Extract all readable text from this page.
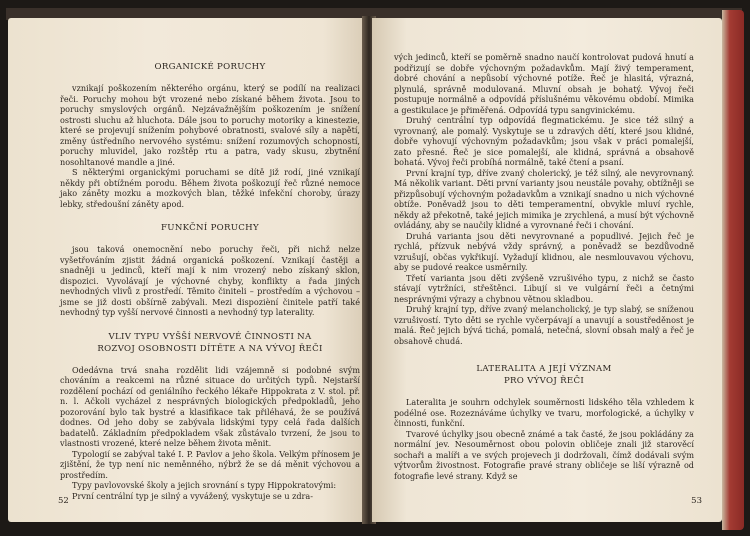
ORGANICKÉ PORUCHY

vznikají poškozením některého orgánu, který se podílí na realizaci řeči. Poruchy mohou být vrozené nebo získané během života. Jsou to poruchy smyslových orgánů. Nejzávažnějším poškozením je snížení ostrosti sluchu až hluchota. Dále jsou to poruchy motoriky a kinestezie, které se projevují snížením pohybové obratnosti, svalové síly a napětí, změny ústředního nervového systému: snížení rozumových schopností, poruchy mluvidel, jako rozštěp rtu a patra, vady skusu, zbytnění nosohltanové mandle a jiné.

S některými organickými poruchami se dítě již rodí, jiné vznikají někdy při obtížném porodu. Během života poškozují řeč různé nemoce jako záněty mozku a mozkových blan, těžké infekční choroby, úrazy lebky, středoušní záněty apod.

FUNKČNÍ PORUCHY

jsou taková onemocnění nebo poruchy řeči, při nichž nelze vyšetřováním zjistit žádná organická poškození. Vznikají častěji a snadněji u jedinců, kteří mají k nim vrozený nebo získaný sklon, dispozici. Vyvolávají je výchovné chyby, konflikty a řada jiných nevhodných vlivů z prostředí. Těmito činiteli – prostředím a výchovou – jsme se již dosti obšírně zabývali. Mezi dispozièní činitele patří také nevhodný typ vyšší nervové činnosti a nevhodný typ laterality.

VLIV TYPU VYŠŠÍ NERVOVÉ ČINNOSTI NA
ROZVOJ OSOBNOSTI DÍTĚTE A NA VÝVOJ ŘEČI

Odedávna trvá snaha rozdělit lidi vzájemně si podobné svým chováním a reakcemi na různé situace do určitých typů. Nejstarší rozdělení pochází od geniálního řeckého lékaře Hippokrata z V. stol. př. n. l. Ačkoli vycházel z nesprávných biologických předpokladů, jeho pozorování bylo tak bystré a klasifikace tak přiléhavá, že se používá dodnes. Od jeho doby se zabývala lidskými typy celá řada dalších badatelů. Základním předpokladem však zůstávalo tvrzení, že jsou to vlastnosti vrozené, které nelze během života měnit.

Typologií se zabýval také I. P. Pavlov a jeho škola. Velkým přínosem je zjištění, že typ není nic neměnného, nýbrž že se dá měnit výchovou a prostředím.

Typy pavlovovské školy a jejich srovnání s typy Hippokratovými:

První centrální typ je silný a vyvážený, vyskytuje se u zdra-

52

vých jedinců, kteří se poměrně snadno naučí kontrolovat pudová hnutí a podřizují se dobře výchovným požadavkům. Mají živý temperament, dobré chování a nepůsobí výchovné potíže. Řeč je hlasitá, výrazná, plynulá, správně modulovaná. Mluvní obsah je bohatý. Vývoj řeči postupuje normálně a odpovídá příslušnému věkovému období. Mimika a gestikulace je přiměřená. Odpovídá typu sangvinickému.

Druhý centrální typ odpovídá flegmatickému. Je sice též silný a vyrovnaný, ale pomalý. Vyskytuje se u zdravých dětí, které jsou klidné, dobře vyhovují výchovným požadavkům; jsou však v práci pomalejší, zato přesné. Řeč je sice pomalejší, ale klidná, správná a obsahově bohatá. Vývoj řeči probíhá normálně, také čtení a psaní.

První krajní typ, dříve zvaný cholerický, je též silný, ale nevyrovnaný. Má několik variant. Děti první varianty jsou neustále povahy, obtížněji se přizpůsobují výchovným požadavkům a vznikají snadno u nich výchovné obtíže. Poněvadž jsou to děti temperamentní, obvykle mluví rychle, někdy až překotně, také jejich mimika je zrychlená, a musí být výchovně ovládány, aby se naučily klidné a vyrovnané řeči i chování.

Druhá varianta jsou děti nevyrovnané a popudlivé. Jejich řeč je rychlá, přízvuk nebývá vždy správný, a poněvadž se bezdůvodně vzrušují, občas vykřikují. Vyžadují klidnou, ale nesmlouvavou výchovu, aby se pudové reakce usměrnily.

Třetí varianta jsou děti zvýšeně vzrušivého typu, z nichž se často stávají vytržníci, střeštěnci. Libují si ve vulgární řeči a četnými nesprávnými výrazy a chybnou větnou skladbou.

Druhý krajní typ, dříve zvaný melancholický, je typ slabý, se sníženou vzrušivostí. Tyto děti se rychle vyčerpávají a unavují a soustředěnost je malá. Řeč jejich bývá tichá, pomalá, netečná, slovní obsah malý a řeč je obsahově chudá.

LATERALITA A JEJÍ VÝZNAM
PRO VÝVOJ ŘEČI

Lateralita je souhrn odchylek souměrnosti lidského těla vzhledem k podélné ose. Rozeznáváme úchylky ve tvaru, morfologické, a úchylky v činnosti, funkční.

Tvarové úchylky jsou obecně známé a tak časté, že jsou pokládány za normální jev. Nesouměrnost obou polovin obličeje znali již starověcí sochaři a malíři a ve svých projevech ji dodržovali, čímž dodávali svým výtvorům živostnost. Fotografie pravé strany obličeje se liší výrazně od fotografie levé strany. Když se

53
